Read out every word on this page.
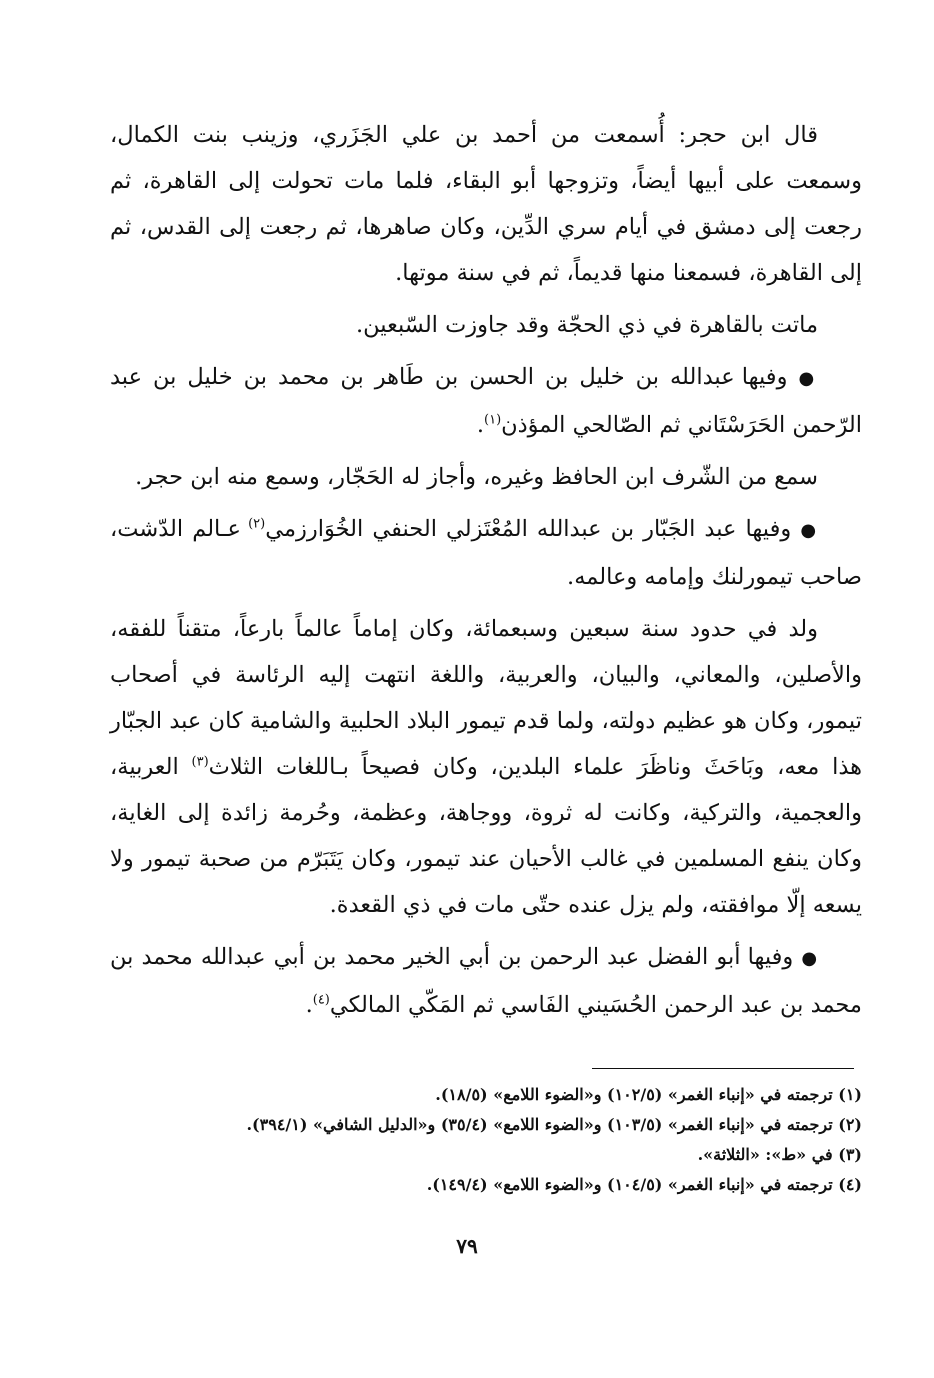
قال ابن حجر: أُسمعت من أحمد بن علي الجَزَري، وزينب بنت الكمال، وسمعت على أبيها أيضاً، وتزوجها أبو البقاء، فلما مات تحولت إلى القاهرة، ثم رجعت إلى دمشق في أيام سري الدِّين، وكان صاهرها، ثم رجعت إلى القدس، ثم إلى القاهرة، فسمعنا منها قديماً، ثم في سنة موتها.

ماتت بالقاهرة في ذي الحجّة وقد جاوزت السّبعين.

● وفيها عبدالله بن خليل بن الحسن بن طَاهر بن محمد بن خليل بن عبد الرّحمن الحَرَسْتَاني ثم الصّالحي المؤذن$^{(١)}$.

سمع من الشّرف ابن الحافظ وغيره، وأجاز له الحَجّار، وسمع منه ابن حجر.

● وفيها عبد الجَبّار بن عبدالله المُعْتَزلي الحنفي الخُوَارزمي$^{(٢)}$ عـالم الدّشت، صاحب تيمورلنك وإمامه وعالمه.

ولد في حدود سنة سبعين وسبعمائة، وكان إماماً عالماً بارعاً، متقناً للفقه، والأصلين، والمعاني، والبيان، والعربية، واللغة انتهت إليه الرئاسة في أصحاب تيمور، وكان هو عظيم دولته، ولما قدم تيمور البلاد الحلبية والشامية كان عبد الجبّار هذا معه، وبَاحَثَ وناظَرَ علماء البلدين، وكان فصيحاً بـاللغات الثلاث$^{(٣)}$ العربية، والعجمية، والتركية، وكانت له ثروة، ووجاهة، وعظمة، وحُرمة زائدة إلى الغاية، وكان ينفع المسلمين في غالب الأحيان عند تيمور، وكان يَتَبَرّم من صحبة تيمور ولا يسعه إلّا موافقته، ولم يزل عنده حتّى مات في ذي القعدة.

● وفيها أبو الفضل عبد الرحمن بن أبي الخير محمد بن أبي عبدالله محمد بن محمد بن عبد الرحمن الحُسَيني الفَاسي ثم المَكّي المالكي$^{(٤)}$.

(١) ترجمته في «إنباء الغمر» (١٠٢/٥) و«الضوء اللامع» (١٨/٥).

(٢) ترجمته في «إنباء الغمر» (١٠٣/٥) و«الضوء اللامع» (٣٥/٤) و«الدليل الشافي» (٣٩٤/١).

(٣) في «ط»: «الثلاثة».

(٤) ترجمته في «إنباء الغمر» (١٠٤/٥) و«الضوء اللامع» (١٤٩/٤).

٧٩
